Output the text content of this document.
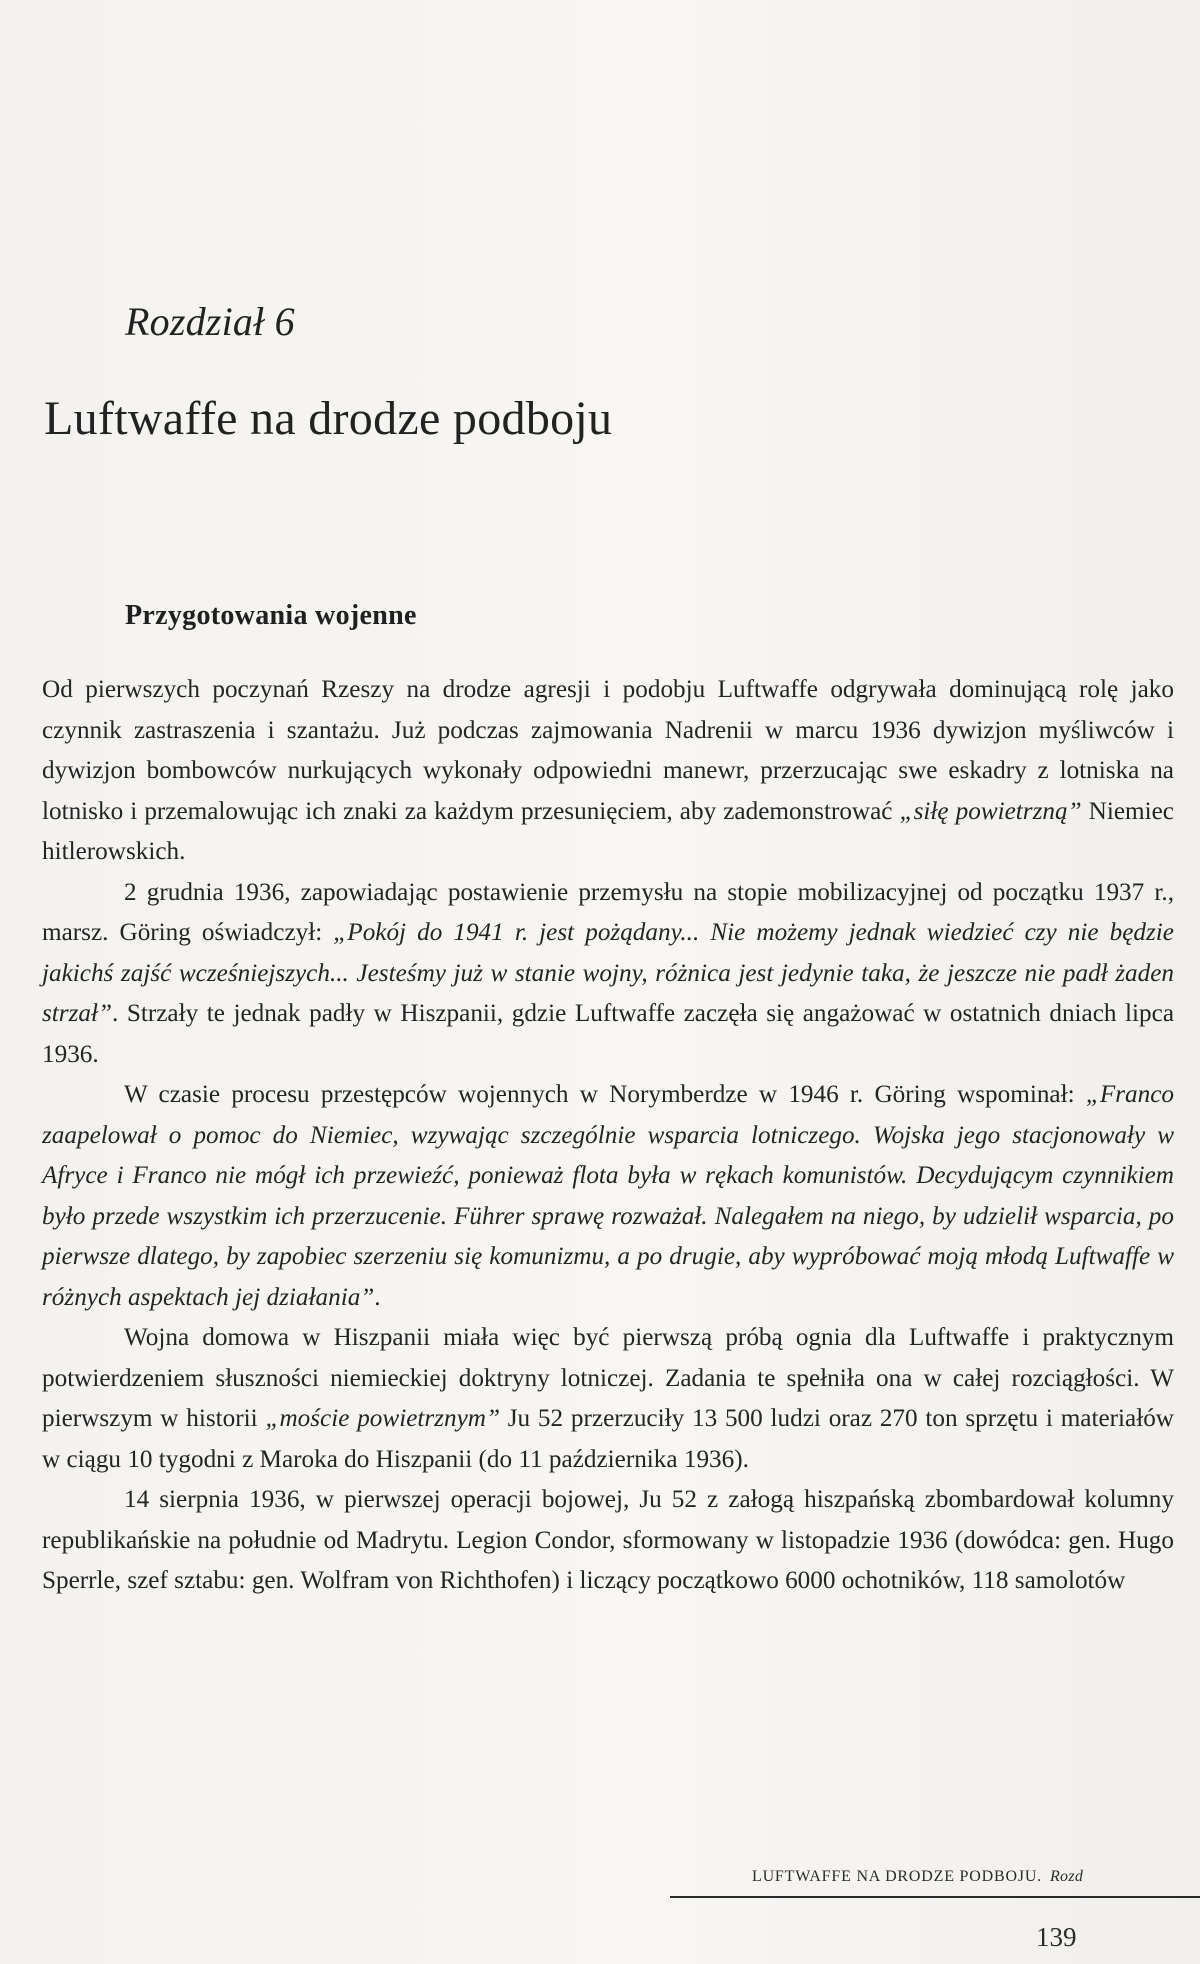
Rozdział 6
Luftwaffe na drodze podboju
Przygotowania wojenne

Od pierwszych poczynań Rzeszy na drodze agresji i podobju Luftwaffe odgrywała dominującą rolę jako czynnik zastraszenia i szantażu. Już podczas zajmowania Nadrenii w marcu 1936 dywizjon myśliwców i dywizjon bombowców nurkujących wykonały odpowiedni manewr, przerzucając swe eskadry z lotniska na lotnisko i przemalowując ich znaki za każdym przesunięciem, aby zademonstrować „siłę powietrzną” Niemiec hitlerowskich.

2 grudnia 1936, zapowiadając postawienie przemysłu na stopie mobilizacyjnej od początku 1937 r., marsz. Göring oświadczył: „Pokój do 1941 r. jest pożądany... Nie możemy jednak wiedzieć czy nie będzie jakichś zajść wcześniejszych... Jesteśmy już w stanie wojny, różnica jest jedynie taka, że jeszcze nie padł żaden strzał”. Strzały te jednak padły w Hiszpanii, gdzie Luftwaffe zaczęła się angażować w ostatnich dniach lipca 1936.

W czasie procesu przestępców wojennych w Norymberdze w 1946 r. Göring wspominał: „Franco zaapelował o pomoc do Niemiec, wzywając szczególnie wsparcia lotniczego. Wojska jego stacjonowały w Afryce i Franco nie mógł ich przewieźć, ponieważ flota była w rękach komunistów. Decydującym czynnikiem było przede wszystkim ich przerzucenie. Führer sprawę rozważał. Nalegałem na niego, by udzielił wsparcia, po pierwsze dlatego, by zapobiec szerzeniu się komunizmu, a po drugie, aby wypróbować moją młodą Luftwaffe w różnych aspektach jej działania”.

Wojna domowa w Hiszpanii miała więc być pierwszą próbą ognia dla Luftwaffe i praktycznym potwierdzeniem słuszności niemieckiej doktryny lotniczej. Zadania te spełniła ona w całej rozciągłości. W pierwszym w historii „moście powietrznym” Ju 52 przerzuciły 13 500 ludzi oraz 270 ton sprzętu i materiałów w ciągu 10 tygodni z Maroka do Hiszpanii (do 11 października 1936).

14 sierpnia 1936, w pierwszej operacji bojowej, Ju 52 z załogą hiszpańską zbombardował kolumny republikańskie na południe od Madrytu. Legion Condor, sformowany w listopadzie 1936 (dowódca: gen. Hugo Sperrle, szef sztabu: gen. Wolfram von Richthofen) i liczący początkowo 6000 ochotników, 118 samolotów

LUFTWAFFE NA DRODZE PODBOJU. Rozd
139
